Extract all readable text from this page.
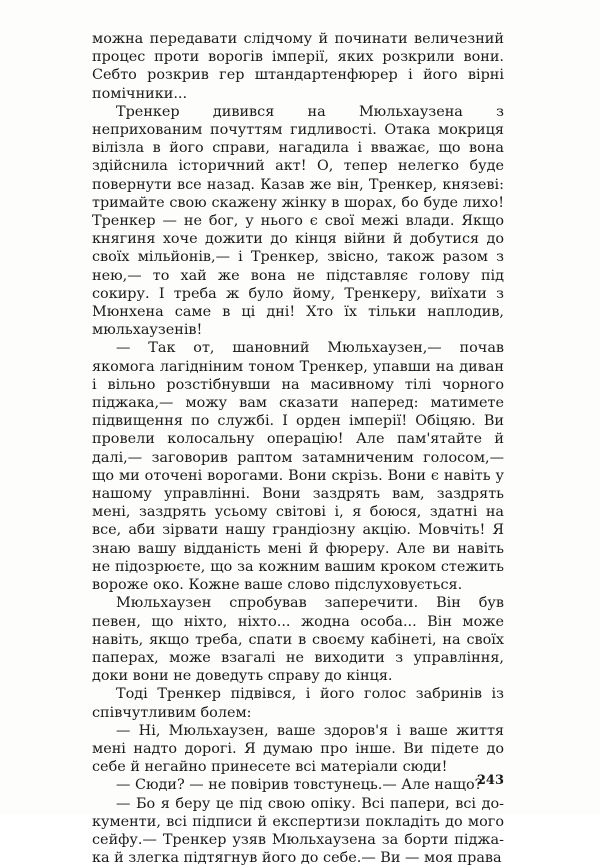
можна передавати слідчому й починати величезний процес проти ворогів імперії, яких розкрили вони. Себто розкрив гер штандартенфюрер і його вірні помічники...

Тренкер дивився на Мюльхаузена з неприхованим почуттям гидливості. Отака мокриця вілізла в його справи, нагадила і вважає, що вона здійснила історичний акт! О, тепер нелегко буде повернути все назад. Казав же він, Тренкер, князеві: тримайте свою скажену жінку в шорах, бо буде лихо! Тренкер — не бог, у нього є свої межі влади. Якщо княгиня хоче дожити до кінця війни й добутися до своїх мільйонів,— і Тренкер, звісно, також разом з нею,— то хай же вона не підставляє голову під сокиру. І треба ж було йому, Тренкеру, виїхати з Мюнхена саме в ці дні! Хто їх тільки наплодив, мюльхаузенів!

— Так от, шановний Мюльхаузен,— почав якомога лагідніним тоном Тренкер, упавши на диван і вільно розстібнувши на масивному тілі чорного піджака,— можу вам сказати наперед: матимете підвищення по службі. І орден імперії! Обіцяю. Ви провели колосальну операцію! Але пам'ятайте й далі,— заговорив раптом затамниченим голосом,— що ми оточені ворогами. Вони скрізь. Вони є навіть у нашому управлінні. Вони заздрять вам, заздрять мені, заздрять усьому світові і, я боюся, здатні на все, аби зірвати нашу грандіозну акцію. Мовчіть! Я знаю вашу відданість мені й фюреру. Але ви навіть не підозрюєте, що за кожним вашим кроком стежить вороже око. Кожне ваше слово підслуховується.

Мюльхаузен спробував заперечити. Він був певен, що ніхто, ніхто... жодна особа... Він може навіть, якщо треба, спати в своєму кабінеті, на своїх паперах, може взагалі не виходити з управління, доки вони не доведуть справу до кінця.

Тоді Тренкер підвівся, і його голос забринів із співчутливим болем:

— Ні, Мюльхаузен, ваше здоров'я і ваше життя мені надто дорогі. Я думаю про інше. Ви підете до себе й негайно принесете всі матеріали сюди!

— Сюди? — не повірив товстунець.— Але нащо?

— Бо я беру це під свою опіку. Всі папери, всі документи, всі підписи й експертизи покладіть до мого сейфу.— Тренкер узяв Мюльхаузена за борти піджака й злегка підтягнув його до себе.— Ви — моя права

243
